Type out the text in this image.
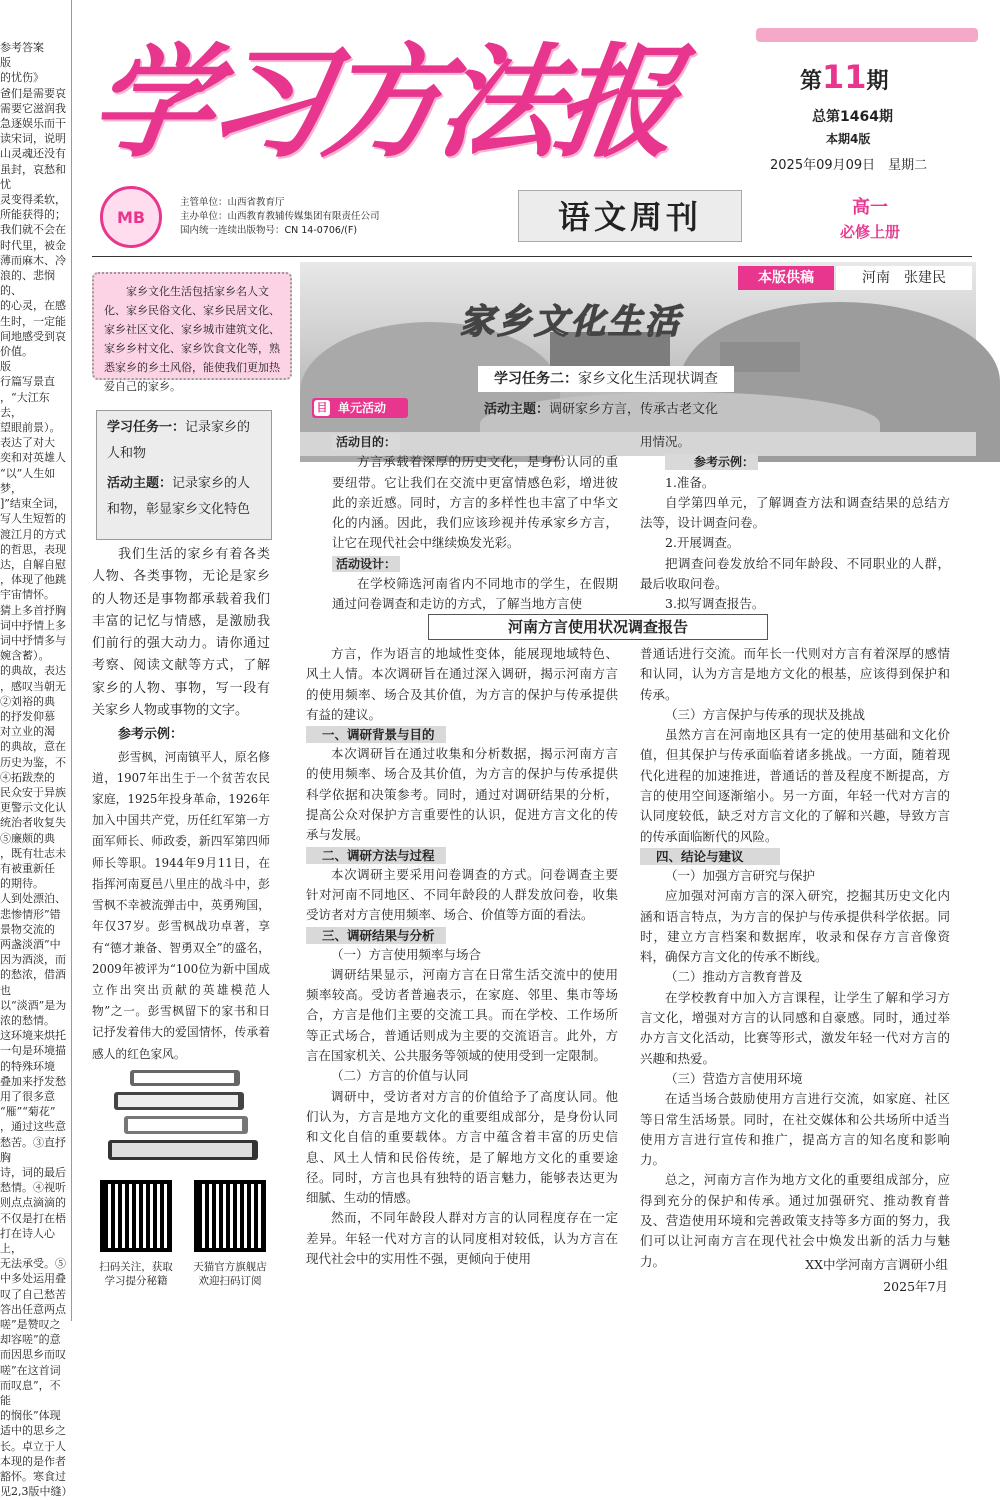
参考答案

版

的忧伤》

爸们是需要哀

需要它滋润我

急逐娱乐而干

读宋词，说明

山灵魂还没有

虽封，哀愁和忧

灵变得柔软，

所能获得的；

我们就不会在

时代里，被金

薄而麻木、冷

浪的、悲悯的、

的心灵，在感

生时，一定能

间地感受到哀

价值。

版

行篇写景直

，“大江东去，

望眼前景）。

表达了对大

奕和对英雄人

“以”人生如梦，

]”结束全词，

写人生短暂的

渡江月的方式

的哲思，表现

达，自解自慰

，体现了他跳

宇宙情怀。

猜上多首抒胸

词中抒情上多

词中抒情多与

婉含蓄）。

的典故，表达

，感叹当朝无

②刘裕的典

的抒发仰慕

对立业的渴

的典故，意在

历史为鉴，不

④拓跋焘的

民众安于异族

更警示文化认

统治者收复失

⑤廉颇的典

，既有壮志未

有被重新任

的期待。

人到处漂泊、

悲惨情形”错

景物交流的

两盏淡酒”中

因为酒淡，而

的愁浓，借酒也

以“淡酒”是为

浓的愁情。

这环境来烘托

一句是环境描

的特殊环境

叠加来抒发愁

用了很多意

“雁”“菊花”

，通过这些意

愁苦。③直抒胸

诗，词的最后

愁情。④视听

则点点滴滴的

不仅是打在梧

打在诗人心上，

无法承受。⑤

中多处运用叠

叹了自己愁苦

答出任意两点

嗟”是赞叹之

却容嗟”的意

而因思乡而叹

嗟”在这首词

而叹息”，不能

的悯伥”体现

适中的思乡之

长。卓立于人

本现的是作者

豁怀。寒食过

见2,3版中缝）

学习方法报	第11期
总第1464期
本期4版
2025年09月09日　星期二
MB
主管单位：山西省教育厅
主办单位：山西教育教辅传媒集团有限责任公司
国内统一连续出版物号：CN 14-0706/(F)	语文周刊	高一
必修上册
本版供稿	河南　张建民
家乡文化生活
学习任务二：家乡文化生活现状调查
活动主题：调研家乡方言，传承古老文化
家乡文化生活包括家乡名人文化、家乡民俗文化、家乡民居文化、家乡社区文化、家乡城市建筑文化、家乡乡村文化、家乡饮食文化等，熟悉家乡的乡土风俗，能使我们更加热爱自己的家乡。

学习任务一：记录家乡的人和物

活动主题：记录家乡的人和物，彰显家乡文化特色

我们生活的家乡有着各类人物、各类事物，无论是家乡的人物还是事物都承载着我们丰富的记忆与情感，是激励我们前行的强大动力。请你通过考察、阅读文献等方式，了解家乡的人物、事物，写一段有关家乡人物或事物的文字。
参考示例：
彭雪枫，河南镇平人，原名修道，1907年出生于一个贫苦农民家庭，1925年投身革命，1926年加入中国共产党，历任红军第一方面军师长、师政委，新四军第四师师长等职。1944年9月11日，在指挥河南夏邑八里庄的战斗中，彭雪枫不幸被流弹击中，英勇殉国，年仅37岁。彭雪枫战功卓著，享有“德才兼备、智勇双全”的盛名，2009年被评为“100位为新中国成立作出突出贡献的英雄模范人物”之一。彭雪枫留下的家书和日记抒发着伟大的爱国情怀，传承着感人的红色家风。
扫码关注，获取
学习提分秘籍
天猫官方旗舰店
欢迎扫码订阅
目 单元活动

活动目的：

方言承载着深厚的历史文化，是身份认同的重要纽带。它让我们在交流中更富情感色彩，增进彼此的亲近感。同时，方言的多样性也丰富了中华文化的内涵。因此，我们应该珍视并传承家乡方言，让它在现代社会中继续焕发光彩。

活动设计：

在学校筛选河南省内不同地市的学生，在假期通过问卷调查和走访的方式，了解当地方言使

用情况。

参考示例：

1.准备。

自学第四单元，了解调查方法和调查结果的总结方法等，设计调查问卷。

2.开展调查。

把调查问卷发放给不同年龄段、不同职业的人群，最后收取问卷。

3.拟写调查报告。

河南方言使用状况调查报告

方言，作为语言的地域性变体，能展现地域特色、风土人情。本次调研旨在通过深入调研，揭示河南方言的使用频率、场合及其价值，为方言的保护与传承提供有益的建议。

一、调研背景与目的

本次调研旨在通过收集和分析数据，揭示河南方言的使用频率、场合及其价值，为方言的保护与传承提供科学依据和决策参考。同时，通过对调研结果的分析，提高公众对保护方言重要性的认识，促进方言文化的传承与发展。

二、调研方法与过程

本次调研主要采用问卷调查的方式。问卷调查主要针对河南不同地区、不同年龄段的人群发放问卷，收集受访者对方言使用频率、场合、价值等方面的看法。

三、调研结果与分析

（一）方言使用频率与场合

调研结果显示，河南方言在日常生活交流中的使用频率较高。受访者普遍表示，在家庭、邻里、集市等场合，方言是他们主要的交流工具。而在学校、工作场所等正式场合，普通话则成为主要的交流语言。此外，方言在国家机关、公共服务等领域的使用受到一定限制。

（二）方言的价值与认同

调研中，受访者对方言的价值给予了高度认同。他们认为，方言是地方文化的重要组成部分，是身份认同和文化自信的重要载体。方言中蕴含着丰富的历史信息、风土人情和民俗传统，是了解地方文化的重要途径。同时，方言也具有独特的语言魅力，能够表达更为细腻、生动的情感。

然而，不同年龄段人群对方言的认同程度存在一定差异。年轻一代对方言的认同度相对较低，认为方言在现代社会中的实用性不强，更倾向于使用

普通话进行交流。而年长一代则对方言有着深厚的感情和认同，认为方言是地方文化的根基，应该得到保护和传承。

（三）方言保护与传承的现状及挑战

虽然方言在河南地区具有一定的使用基础和文化价值，但其保护与传承面临着诸多挑战。一方面，随着现代化进程的加速推进，普通话的普及程度不断提高，方言的使用空间逐渐缩小。另一方面，年轻一代对方言的认同度较低，缺乏对方言文化的了解和兴趣，导致方言的传承面临断代的风险。

四、结论与建议

（一）加强方言研究与保护

应加强对河南方言的深入研究，挖掘其历史文化内涵和语言特点，为方言的保护与传承提供科学依据。同时，建立方言档案和数据库，收录和保存方言音像资料，确保方言文化的传承不断线。

（二）推动方言教育普及

在学校教育中加入方言课程，让学生了解和学习方言文化，增强对方言的认同感和自豪感。同时，通过举办方言文化活动，比赛等形式，激发年轻一代对方言的兴趣和热爱。

（三）营造方言使用环境

在适当场合鼓励使用方言进行交流，如家庭、社区等日常生活场景。同时，在社交媒体和公共场所中适当使用方言进行宣传和推广，提高方言的知名度和影响力。

总之，河南方言作为地方文化的重要组成部分，应得到充分的保护和传承。通过加强研究、推动教育普及、营造使用环境和完善政策支持等多方面的努力，我们可以让河南方言在现代社会中焕发出新的活力与魅力。	XX中学河南方言调研小组
2025年7月
